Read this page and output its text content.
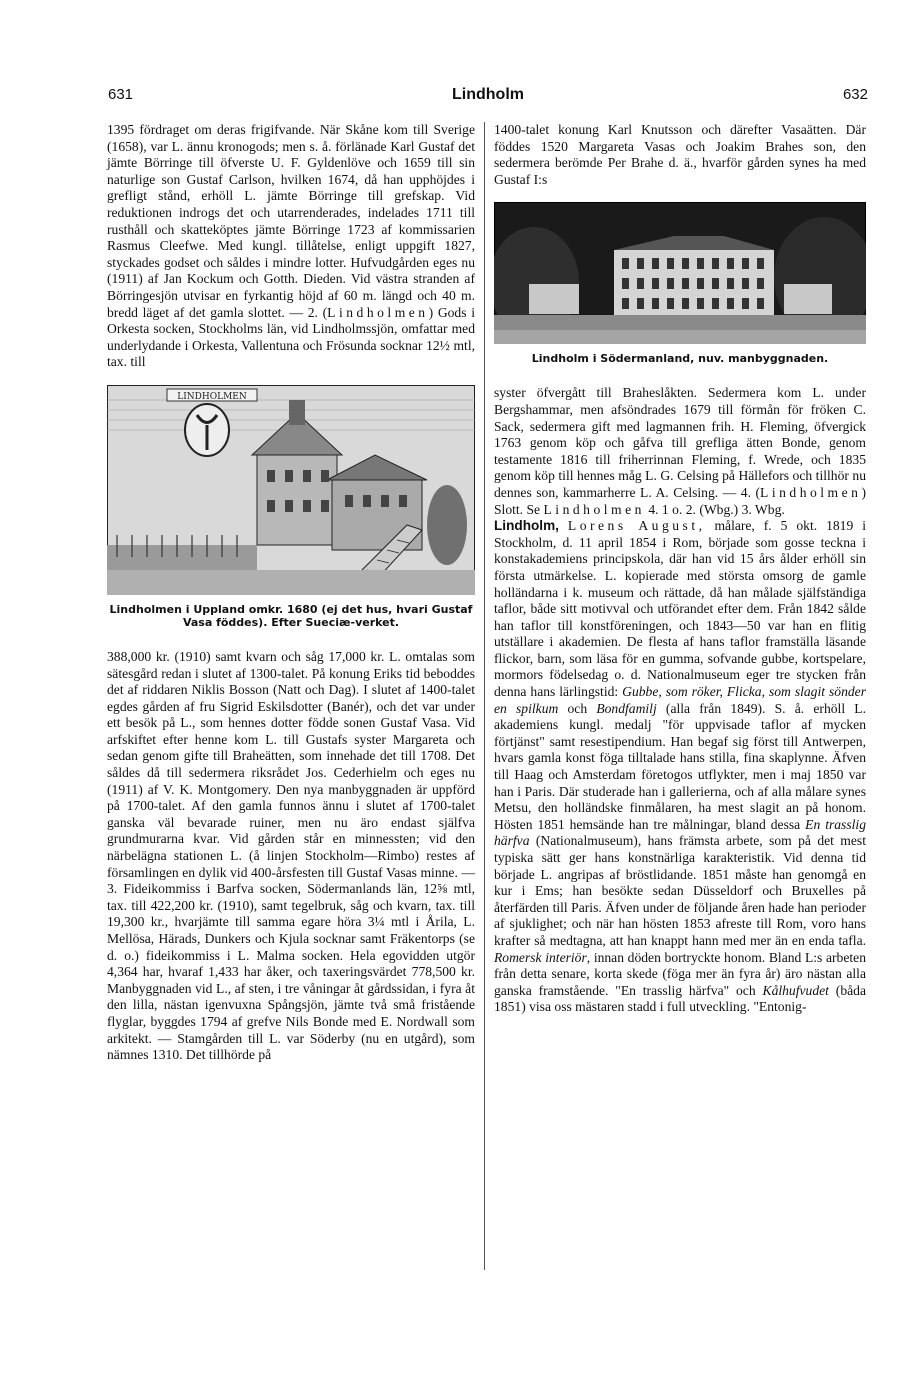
631	Lindholm	632

1395 fördraget om deras frigifvande. När Skåne kom till Sverige (1658), var L. ännu kronogods; men s. å. förlänade Karl Gustaf det jämte Börringe till öfverste U. F. Gyldenlöve och 1659 till sin naturlige son Gustaf Carlson, hvilken 1674, då han upphöjdes i grefligt stånd, erhöll L. jämte Börringe till grefskap. Vid reduktionen indrogs det och utarrenderades, indelades 1711 till rusthåll och skatteköptes jämte Börringe 1723 af kommissarien Rasmus Cleefwe. Med kungl. tillåtelse, enligt uppgift 1827, styckades godset och såldes i mindre lotter. Hufvudgården eges nu (1911) af Jan Kockum och Gotth. Dieden. Vid västra stranden af Börringesjön utvisar en fyrkantig höjd af 60 m. längd och 40 m. bredd läget af det gamla slottet. — 2. (Lindholmen) Gods i Orkesta socken, Stockholms län, vid Lindholmssjön, omfattar med underlydande i Orkesta, Vallentuna och Frösunda socknar 12½ mtl, tax. till

LINDHOLMEN
Lindholmen i Uppland omkr. 1680 (ej det hus, hvari Gustaf Vasa föddes). Efter Sueciæ-verket.

388,000 kr. (1910) samt kvarn och såg 17,000 kr. L. omtalas som sätesgård redan i slutet af 1300-talet. På konung Eriks tid beboddes det af riddaren Niklis Bosson (Natt och Dag). I slutet af 1400-talet egdes gården af fru Sigrid Eskilsdotter (Banér), och det var under ett besök på L., som hennes dotter födde sonen Gustaf Vasa. Vid arfskiftet efter henne kom L. till Gustafs syster Margareta och sedan genom gifte till Braheätten, som innehade det till 1708. Det såldes då till sedermera riksrådet Jos. Cederhielm och eges nu (1911) af V. K. Montgomery. Den nya manbyggnaden är uppförd på 1700-talet. Af den gamla funnos ännu i slutet af 1700-talet ganska väl bevarade ruiner, men nu äro endast själfva grundmurarna kvar. Vid gården står en minnessten; vid den närbelägna stationen L. (å linjen Stockholm—Rimbo) restes af församlingen en dylik vid 400-årsfesten till Gustaf Vasas minne. — 3. Fideikommiss i Barfva socken, Södermanlands län, 12⅝ mtl, tax. till 422,200 kr. (1910), samt tegelbruk, såg och kvarn, tax. till 19,300 kr., hvarjämte till samma egare höra 3¼ mtl i Årila, L. Mellösa, Härads, Dunkers och Kjula socknar samt Fräkentorps (se d. o.) fideikommiss i L. Malma socken. Hela egovidden utgör 4,364 har, hvaraf 1,433 har åker, och taxeringsvärdet 778,500 kr. Manbyggnaden vid L., af sten, i tre våningar åt gårdssidan, i fyra åt den lilla, nästan igenvuxna Spångsjön, jämte två små fristående flyglar, byggdes 1794 af grefve Nils Bonde med E. Nordwall som arkitekt. — Stamgården till L. var Söderby (nu en utgård), som nämnes 1310. Det tillhörde på

1400-talet konung Karl Knutsson och därefter Vasaätten. Där föddes 1520 Margareta Vasas och Joakim Brahes son, den sedermera berömde Per Brahe d. ä., hvarför gården synes ha med Gustaf I:s

Lindholm i Södermanland, nuv. manbyggnaden.

syster öfvergått till Braheslåkten. Sedermera kom L. under Bergshammar, men afsöndrades 1679 till förmån för fröken C. Sack, sedermera gift med lagmannen frih. H. Fleming, öfvergick 1763 genom köp och gåfva till grefliga ätten Bonde, genom testamente 1816 till friherrinnan Fleming, f. Wrede, och 1835 genom köp till hennes måg L. G. Celsing på Hällefors och tillhör nu dennes son, kammarherre L. A. Celsing. — 4. (Lindholmen) Slott. Se Lindholmen 4. 1 o. 2. (Wbg.) 3. Wbg.

Lindholm, Lorens August, målare, f. 5 okt. 1819 i Stockholm, d. 11 april 1854 i Rom, började som gosse teckna i konstakademiens principskola, där han vid 15 års ålder erhöll sin första utmärkelse. L. kopierade med största omsorg de gamle holländarna i k. museum och rättade, då han målade själfständiga taflor, både sitt motivval och utförandet efter dem. Från 1842 sålde han taflor till konstföreningen, och 1843—50 var han en flitig utställare i akademien. De flesta af hans taflor framställa läsande flickor, barn, som läsa för en gumma, sofvande gubbe, kortspelare, mormors födelsedag o. d. Nationalmuseum eger tre stycken från denna hans lärlingstid: Gubbe, som röker, Flicka, som slagit sönder en spilkum och Bondfamilj (alla från 1849). S. å. erhöll L. akademiens kungl. medalj "för uppvisade taflor af mycken förtjänst" samt resestipendium. Han begaf sig först till Antwerpen, hvars gamla konst föga tilltalade hans stilla, fina skaplynne. Äfven till Haag och Amsterdam företogos utflykter, men i maj 1850 var han i Paris. Där studerade han i gallerierna, och af alla målare synes Metsu, den holländske finmålaren, ha mest slagit an på honom. Hösten 1851 hemsände han tre målningar, bland dessa En trasslig härfva (Nationalmuseum), hans främsta arbete, som på det mest typiska sätt ger hans konstnärliga karakteristik. Vid denna tid började L. angripas af bröstlidande. 1851 måste han genomgå en kur i Ems; han besökte sedan Düsseldorf och Bruxelles på återfärden till Paris. Äfven under de följande åren hade han perioder af sjuklighet; och när han hösten 1853 afreste till Rom, voro hans krafter så medtagna, att han knappt hann med mer än en enda tafla. Romersk interiör, innan döden bortryckte honom. Bland L:s arbeten från detta senare, korta skede (föga mer än fyra år) äro nästan alla ganska framstående. "En trasslig härfva" och Kålhufvudet (båda 1851) visa oss mästaren stadd i full utveckling. "Entonig-
